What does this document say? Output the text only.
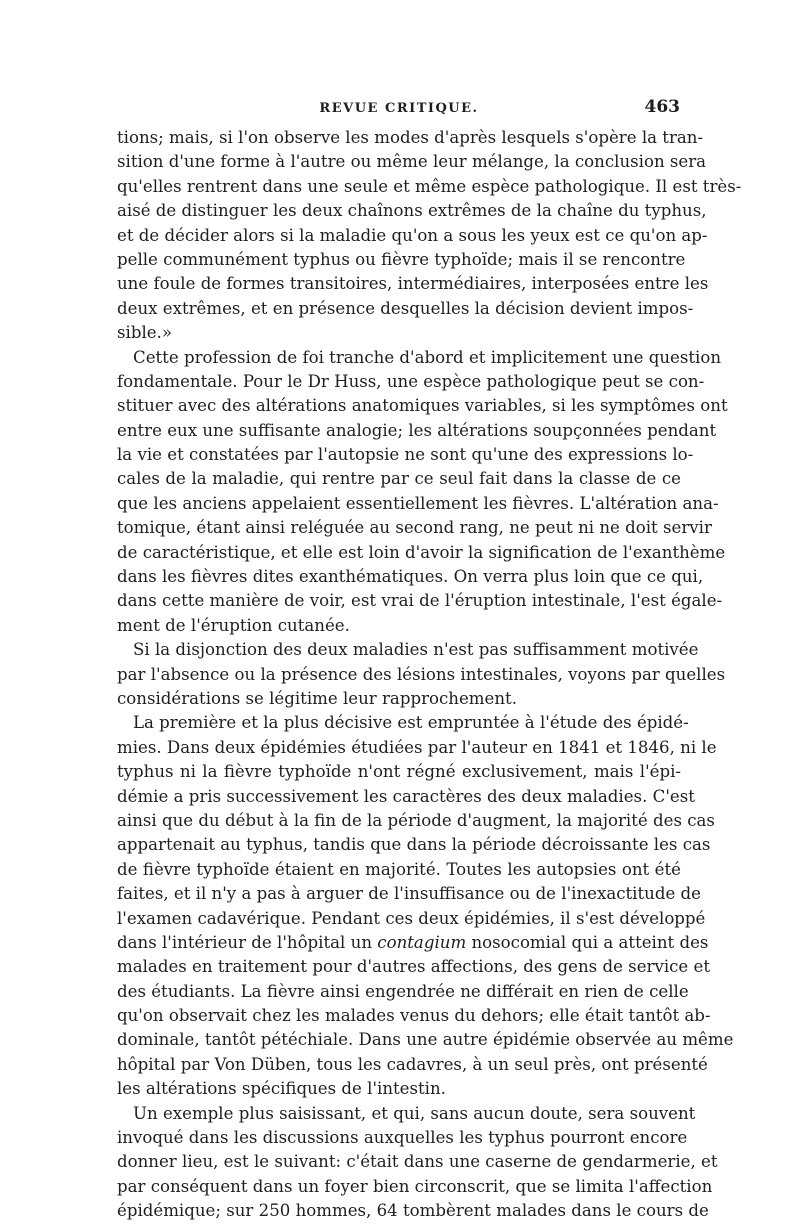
REVUE CRITIQUE.	463
tions; mais, si l'on observe les modes d'après lesquels s'opère la tran-
sition d'une forme à l'autre ou même leur mélange, la conclusion sera
qu'elles rentrent dans une seule et même espèce pathologique. Il est très-
aisé de distinguer les deux chaînons extrêmes de la chaîne du typhus,
et de décider alors si la maladie qu'on a sous les yeux est ce qu'on ap-
pelle communément typhus ou fièvre typhoïde; mais il se rencontre
une foule de formes transitoires, intermédiaires, interposées entre les
deux extrêmes, et en présence desquelles la décision devient impos-
sible.»
Cette profession de foi tranche d'abord et implicitement une question
fondamentale. Pour le Dr Huss, une espèce pathologique peut se con-
stituer avec des altérations anatomiques variables, si les symptômes ont
entre eux une suffisante analogie; les altérations soupçonnées pendant
la vie et constatées par l'autopsie ne sont qu'une des expressions lo-
cales de la maladie, qui rentre par ce seul fait dans la classe de ce
que les anciens appelaient essentiellement les fièvres. L'altération ana-
tomique, étant ainsi reléguée au second rang, ne peut ni ne doit servir
de caractéristique, et elle est loin d'avoir la signification de l'exanthème
dans les fièvres dites exanthématiques. On verra plus loin que ce qui,
dans cette manière de voir, est vrai de l'éruption intestinale, l'est égale-
ment de l'éruption cutanée.
Si la disjonction des deux maladies n'est pas suffisamment motivée
par l'absence ou la présence des lésions intestinales, voyons par quelles
considérations se légitime leur rapprochement.
La première et la plus décisive est empruntée à l'étude des épidé-
mies. Dans deux épidémies étudiées par l'auteur en 1841 et 1846, ni le
typhus ni la fièvre typhoïde n'ont régné exclusivement, mais l'épi-
démie a pris successivement les caractères des deux maladies. C'est
ainsi que du début à la fin de la période d'augment, la majorité des cas
appartenait au typhus, tandis que dans la période décroissante les cas
de fièvre typhoïde étaient en majorité. Toutes les autopsies ont été
faites, et il n'y a pas à arguer de l'insuffisance ou de l'inexactitude de
l'examen cadavérique. Pendant ces deux épidémies, il s'est développé
dans l'intérieur de l'hôpital un contagium nosocomial qui a atteint des
malades en traitement pour d'autres affections, des gens de service et
des étudiants. La fièvre ainsi engendrée ne différait en rien de celle
qu'on observait chez les malades venus du dehors; elle était tantôt ab-
dominale, tantôt pétéchiale. Dans une autre épidémie observée au même
hôpital par Von Düben, tous les cadavres, à un seul près, ont présenté
les altérations spécifiques de l'intestin.
Un exemple plus saisissant, et qui, sans aucun doute, sera souvent
invoqué dans les discussions auxquelles les typhus pourront encore
donner lieu, est le suivant: c'était dans une caserne de gendarmerie, et
par conséquent dans un foyer bien circonscrit, que se limita l'affection
épidémique; sur 250 hommes, 64 tombèrent malades dans le cours de
